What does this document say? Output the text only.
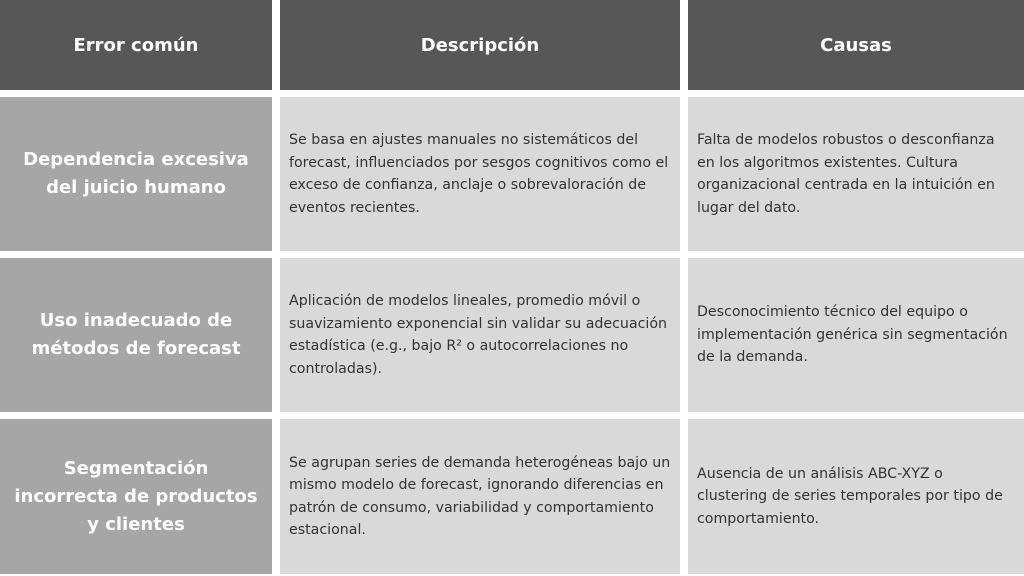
Error común	Descripción	Causas
Dependencia excesiva del juicio humano
Se basa en ajustes manuales no sistemáticos del forecast, influenciados por sesgos cognitivos como el exceso de confianza, anclaje o sobrevaloración de eventos recientes.
Falta de modelos robustos o desconfianza en los algoritmos existentes. Cultura organizacional centrada en la intuición en lugar del dato.
Uso inadecuado de métodos de forecast
Aplicación de modelos lineales, promedio móvil o suavizamiento exponencial sin validar su adecuación estadística (e.g., bajo R² o autocorrelaciones no controladas).
Desconocimiento técnico del equipo o implementación genérica sin segmentación de la demanda.
Segmentación incorrecta de productos y clientes
Se agrupan series de demanda heterogéneas bajo un mismo modelo de forecast, ignorando diferencias en patrón de consumo, variabilidad y comportamiento estacional.
Ausencia de un análisis ABC-XYZ o clustering de series temporales por tipo de comportamiento.
